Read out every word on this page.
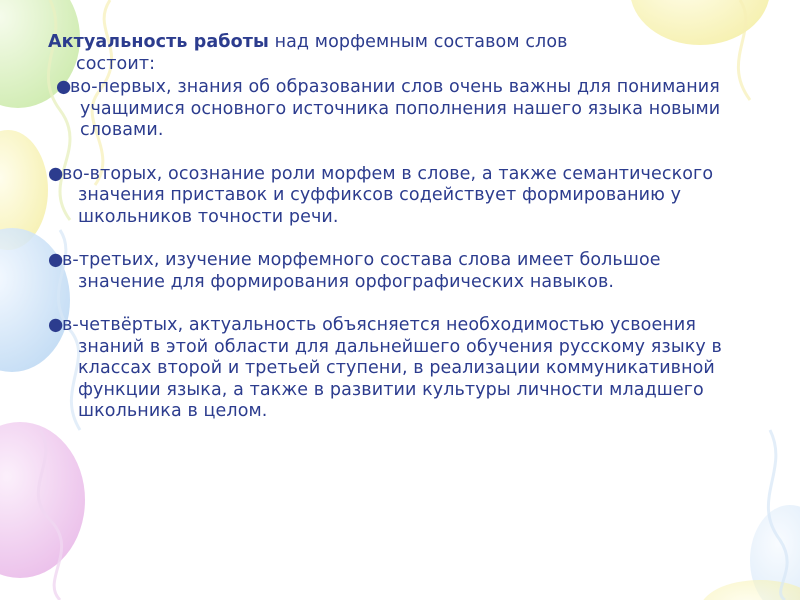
Актуальность работы над морфемным составом слов
состоит:

●во-первых, знания об образовании слов очень важны для понимания учащимися основного источника пополнения нашего языка новыми словами.

●во-вторых, осознание роли морфем в слове, а также семантического значения приставок и суффиксов содействует формированию у школьников точности речи.

●в-третьих, изучение морфемного состава слова имеет большое значение для формирования орфографических навыков.

●в-четвёртых, актуальность объясняется необходимостью усвоения знаний в этой области для дальнейшего обучения русскому языку в классах второй и третьей ступени, в реализации коммуникативной функции языка, а также в развитии культуры личности младшего школьника в целом.
